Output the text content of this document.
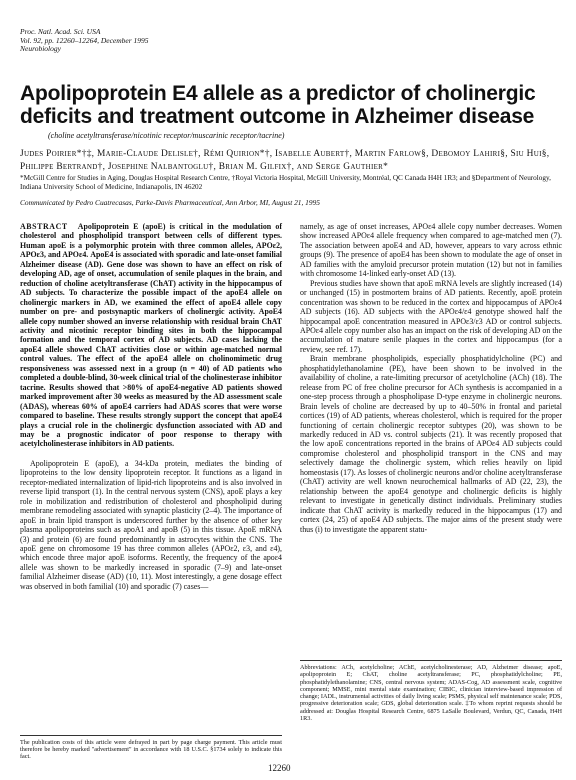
Proc. Natl. Acad. Sci. USA
Vol. 92, pp. 12260–12264, December 1995
Neurobiology
Apolipoprotein E4 allele as a predictor of cholinergic deficits and treatment outcome in Alzheimer disease
(choline acetyltransferase/nicotinic receptor/muscarinic receptor/tacrine)
Judes Poirier*†‡, Marie-Claude Delisle†, Rémi Quirion*†, Isabelle Aubert†, Martin Farlow§, Debomoy Lahiri§, Siu Hui§, Philippe Bertrand†, Josephine Nalbantoglu†, Brian M. Gilfix†, and Serge Gauthier*
*McGill Centre for Studies in Aging, Douglas Hospital Research Centre, †Royal Victoria Hospital, McGill University, Montréal, QC Canada H4H 1R3; and §Department of Neurology, Indiana University School of Medicine, Indianapolis, IN 46202
Communicated by Pedro Cuatrecasas, Parke-Davis Pharmaceutical, Ann Arbor, MI, August 21, 1995

ABSTRACT Apolipoprotein E (apoE) is critical in the modulation of cholesterol and phospholipid transport between cells of different types. Human apoE is a polymorphic protein with three common alleles, APOε2, APOε3, and APOε4. ApoE4 is associated with sporadic and late-onset familial Alzheimer disease (AD). Gene dose was shown to have an effect on risk of developing AD, age of onset, accumulation of senile plaques in the brain, and reduction of choline acetyltransferase (ChAT) activity in the hippocampus of AD subjects. To characterize the possible impact of the apoE4 allele on cholinergic markers in AD, we examined the effect of apoE4 allele copy number on pre- and postsynaptic markers of cholinergic activity. ApoE4 allele copy number showed an inverse relationship with residual brain ChAT activity and nicotinic receptor binding sites in both the hippocampal formation and the temporal cortex of AD subjects. AD cases lacking the apoE4 allele showed ChAT activities close or within age-matched normal control values. The effect of the apoE4 allele on cholinomimetic drug responsiveness was assessed next in a group (n = 40) of AD patients who completed a double-blind, 30-week clinical trial of the cholinesterase inhibitor tacrine. Results showed that >80% of apoE4-negative AD patients showed marked improvement after 30 weeks as measured by the AD assessment scale (ADAS), whereas 60% of apoE4 carriers had ADAS scores that were worse compared to baseline. These results strongly support the concept that apoE4 plays a crucial role in the cholinergic dysfunction associated with AD and may be a prognostic indicator of poor response to therapy with acetylcholinesterase inhibitors in AD patients.

Apolipoprotein E (apoE), a 34-kDa protein, mediates the binding of lipoproteins to the low density lipoprotein receptor. It functions as a ligand in receptor-mediated internalization of lipid-rich lipoproteins and is also involved in reverse lipid transport (1). In the central nervous system (CNS), apoE plays a key role in mobilization and redistribution of cholesterol and phospholipid during membrane remodeling associated with synaptic plasticity (2–4). The importance of apoE in brain lipid transport is underscored further by the absence of other key plasma apolipoproteins such as apoA1 and apoB (5) in this tissue. ApoE mRNA (3) and protein (6) are found predominantly in astrocytes within the CNS. The apoE gene on chromosome 19 has three common alleles (APOε2, ε3, and ε4), which encode three major apoE isoforms. Recently, the frequency of the apoε4 allele was shown to be markedly increased in sporadic (7–9) and late-onset familial Alzheimer disease (AD) (10, 11). Most interestingly, a gene dosage effect was observed in both familial (10) and sporadic (7) cases—

namely, as age of onset increases, APOε4 allele copy number decreases. Women show increased APOε4 allele frequency when compared to age-matched men (7). The association between apoE4 and AD, however, appears to vary across ethnic groups (9). The presence of apoE4 has been shown to modulate the age of onset in AD families with the amyloid precursor protein mutation (12) but not in families with chromosome 14-linked early-onset AD (13).

Previous studies have shown that apoE mRNA levels are slightly increased (14) or unchanged (15) in postmortem brains of AD patients. Recently, apoE protein concentration was shown to be reduced in the cortex and hippocampus of APOε4 AD subjects (16). AD subjects with the APOε4/ε4 genotype showed half the hippocampal apoE concentration measured in APOε3/ε3 AD or control subjects. APOε4 allele copy number also has an impact on the risk of developing AD on the accumulation of mature senile plaques in the cortex and hippocampus (for a review, see ref. 17).

Brain membrane phospholipids, especially phosphatidylcholine (PC) and phosphatidylethanolamine (PE), have been shown to be involved in the availability of choline, a rate-limiting precursor of acetylcholine (ACh) (18). The release from PC of free choline precursor for ACh synthesis is accompanied in a one-step process through a phospholipase D-type enzyme in cholinergic neurons. Brain levels of choline are decreased by up to 40–50% in frontal and parietal cortices (19) of AD patients, whereas cholesterol, which is required for the proper functioning of certain cholinergic receptor subtypes (20), was shown to be markedly reduced in AD vs. control subjects (21). It was recently proposed that the low apoE concentrations reported in the brains of APOε4 AD subjects could compromise cholesterol and phospholipid transport in the CNS and may selectively damage the cholinergic system, which relies heavily on lipid homeostasis (17). As losses of cholinergic neurons and/or choline acetyltransferase (ChAT) activity are well known neurochemical hallmarks of AD (22, 23), the relationship between the apoE4 genotype and cholinergic deficits is highly relevant to investigate in genetically distinct individuals. Preliminary studies indicate that ChAT activity is markedly reduced in the hippocampus (17) and cortex (24, 25) of apoE4 AD subjects. The major aims of the present study were thus (i) to investigate the apparent statu-

The publication costs of this article were defrayed in part by page charge payment. This article must therefore be hereby marked "advertisement" in accordance with 18 U.S.C. §1734 solely to indicate this fact.
Abbreviations: ACh, acetylcholine; AChE, acetylcholinesterase; AD, Alzheimer disease; apoE, apolipoprotein E; ChAT, choline acetyltransferase; PC, phosphatidylcholine; PE, phosphatidylethanolamine; CNS, central nervous system; ADAS-Cog, AD assessment scale, cognitive component; MMSE, mini mental state examination; CIBIC, clinician interview-based impression of change; IADL, instrumental activities of daily living scale; PSMS, physical self maintenance scale; PDS, progressive deterioration scale; GDS, global deterioration scale. ‡To whom reprint requests should be addressed at: Douglas Hospital Research Centre, 6875 LaSalle Boulevard, Verdun, QC, Canada, H4H 1R3.
12260
